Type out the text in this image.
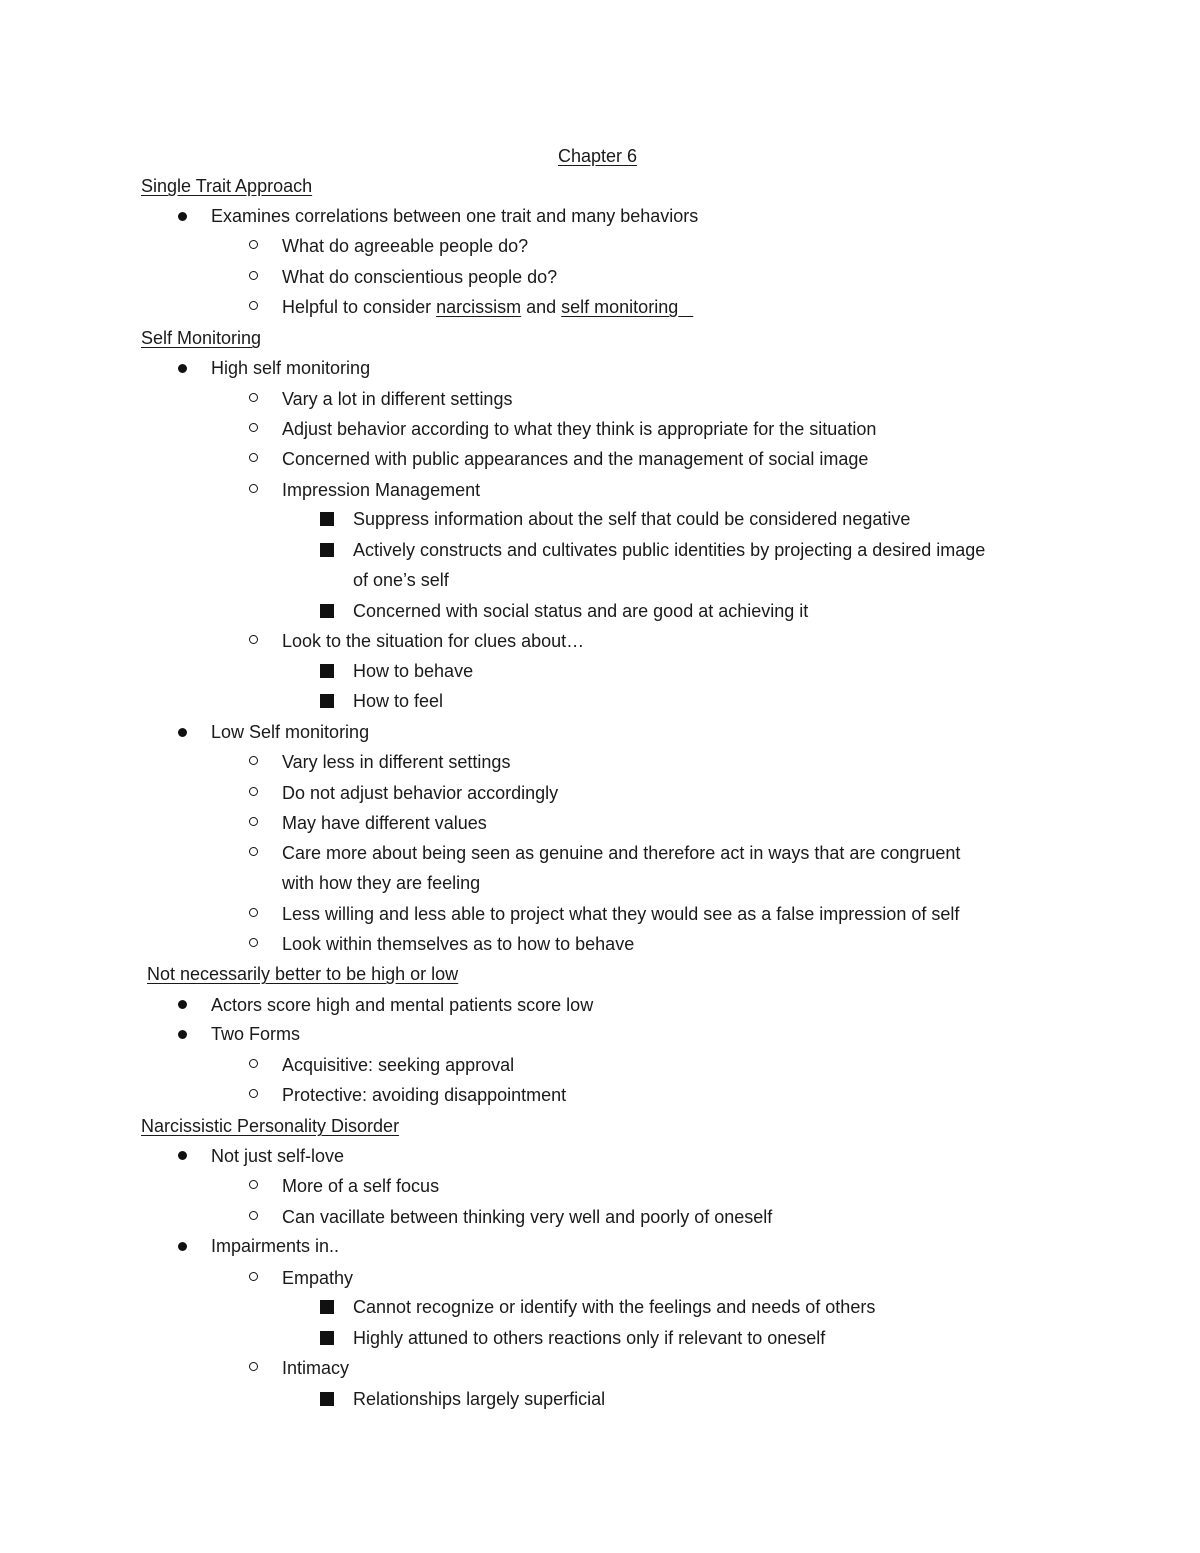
Chapter 6
Single Trait Approach
Examines correlations between one trait and many behaviors
What do agreeable people do?
What do conscientious people do?
Helpful to consider narcissism and self monitoring
Self Monitoring
High self monitoring
Vary a lot in different settings
Adjust behavior according to what they think is appropriate for the situation
Concerned with public appearances and the management of social image
Impression Management
Suppress information about the self that could be considered negative
Actively constructs and cultivates public identities by projecting a desired image
of one’s self
Concerned with social status and are good at achieving it
Look to the situation for clues about…
How to behave
How to feel
Low Self monitoring
Vary less in different settings
Do not adjust behavior accordingly
May have different values
Care more about being seen as genuine and therefore act in ways that are congruent
with how they are feeling
Less willing and less able to project what they would see as a false impression of self
Look within themselves as to how to behave
Not necessarily better to be high or low
Actors score high and mental patients score low
Two Forms
Acquisitive: seeking approval
Protective: avoiding disappointment
Narcissistic Personality Disorder
Not just self-love
More of a self focus
Can vacillate between thinking very well and poorly of oneself
Impairments in..
Empathy
Cannot recognize or identify with the feelings and needs of others
Highly attuned to others reactions only if relevant to oneself
Intimacy
Relationships largely superficial
